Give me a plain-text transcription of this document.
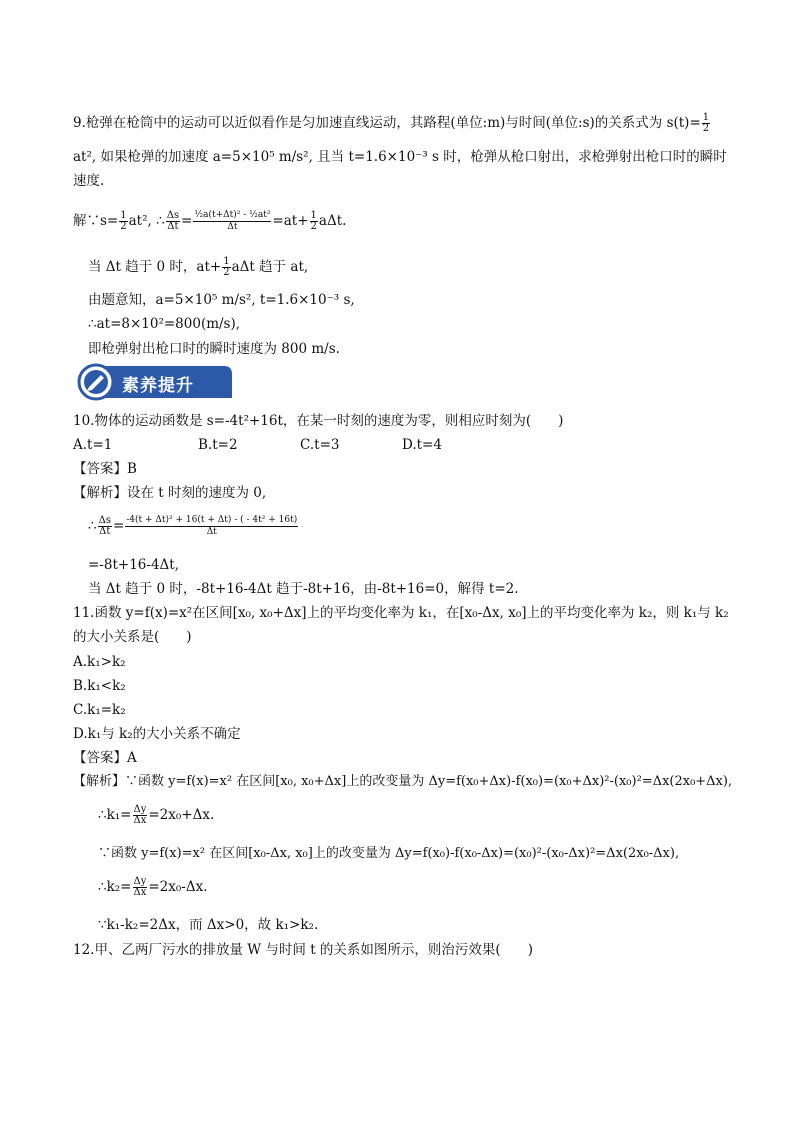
9.枪弹在枪筒中的运动可以近似看作是匀加速直线运动，其路程(单位:m)与时间(单位:s)的关系式为 $s(t)= \frac{1}{2}$
at², 如果枪弹的加速度 a=5×10⁵ m/s², 且当 t=1.6×10⁻³ s 时，枪弹从枪口射出，求枪弹射出枪口时的瞬时
速度.
解∵s= $\frac{1}{2} at^2$, ∴ $\frac{\Delta s}{\Delta t} = \frac{\text{½a(t+Δt)² - ½at²}}{\Delta t} =at+ \frac{1}{2} a\Delta t$.
当 Δt 趋于 0 时，$at+ \frac{1}{2}$ aΔt 趋于 at,
由题意知，a=5×10⁵ m/s², t=1.6×10⁻³ s,
∴at=8×10²=800(m/s),
即枪弹射出枪口时的瞬时速度为 800 m/s.
素养提升
10.物体的运动函数是 s=-4t²+16t，在某一时刻的速度为零，则相应时刻为(　　)
A.t=1	B.t=2	C.t=3	D.t=4
【答案】B
【解析】设在 t 时刻的速度为 0,
∴ $\frac{\Delta s}{\Delta t} = \frac{\text{-4(t + Δt)² + 16(t + Δt) - ( - 4t² + 16t)}}{\Delta t}$
=-8t+16-4Δt,
当 Δt 趋于 0 时，-8t+16-4Δt 趋于-8t+16，由-8t+16=0，解得 t=2.
11.函数 y=f(x)=x²在区间[x₀, x₀+Δx]上的平均变化率为 k₁，在[x₀-Δx, x₀]上的平均变化率为 k₂，则 k₁与 k₂
的大小关系是(　　)
A.k₁>k₂
B.k₁<k₂
C.k₁=k₂
D.k₁与 k₂的大小关系不确定
【答案】A
【解析】∵函数 y=f(x)=x² 在区间[x₀, x₀+Δx]上的改变量为 Δy=f(x₀+Δx)-f(x₀)=(x₀+Δx)²-(x₀)²=Δx(2x₀+Δx),
∴k₁= $\frac{\Delta y}{\Delta x} =2x_0+\Delta x$.
∵函数 y=f(x)=x² 在区间[x₀-Δx, x₀]上的改变量为 Δy=f(x₀)-f(x₀-Δx)=(x₀)²-(x₀-Δx)²=Δx(2x₀-Δx),
∴k₂= $\frac{\Delta y}{\Delta x} =2x_0-\Delta x$.
∵k₁-k₂=2Δx，而 Δx>0，故 k₁>k₂.
12.甲、乙两厂污水的排放量 W 与时间 t 的关系如图所示，则治污效果(　　)
